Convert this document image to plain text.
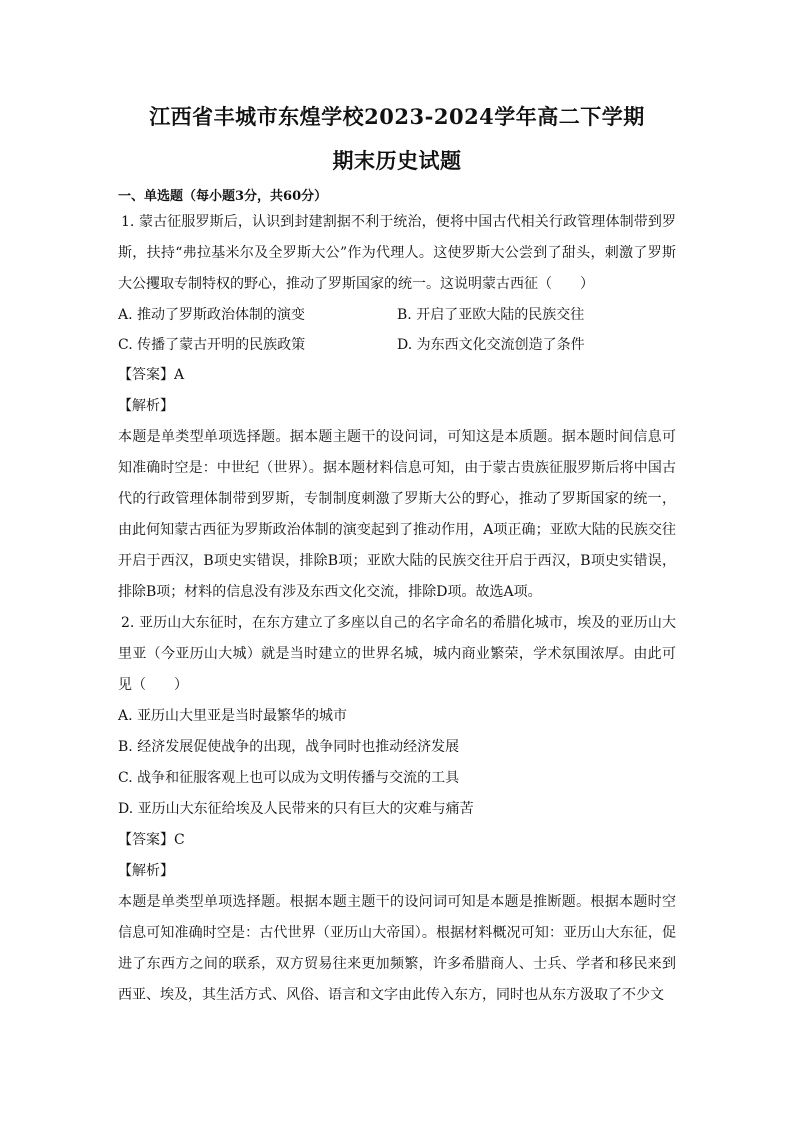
江西省丰城市东煌学校2023-2024学年高二下学期
期末历史试题
一、单选题（每小题3分，共60分）

1. 蒙古征服罗斯后，认识到封建割据不利于统治，便将中国古代相关行政管理体制带到罗斯，扶持“弗拉基米尔及全罗斯大公”作为代理人。这使罗斯大公尝到了甜头，刺激了罗斯大公攫取专制特权的野心，推动了罗斯国家的统一。这说明蒙古西征（　　）

A. 推动了罗斯政治体制的演变	B. 开启了亚欧大陆的民族交往
C. 传播了蒙古开明的民族政策	D. 为东西文化交流创造了条件
【答案】A
【解析】

本题是单类型单项选择题。据本题主题干的设问词，可知这是本质题。据本题时间信息可知准确时空是：中世纪（世界）。据本题材料信息可知，由于蒙古贵族征服罗斯后将中国古代的行政管理体制带到罗斯，专制制度刺激了罗斯大公的野心，推动了罗斯国家的统一，由此何知蒙古西征为罗斯政治体制的演变起到了推动作用，A项正确；亚欧大陆的民族交往开启于西汉，B项史实错误，排除B项；亚欧大陆的民族交往开启于西汉，B项史实错误，排除B项；材料的信息没有涉及东西文化交流，排除D项。故选A项。

2. 亚历山大东征时，在东方建立了多座以自己的名字命名的希腊化城市，埃及的亚历山大里亚（今亚历山大城）就是当时建立的世界名城，城内商业繁荣，学术氛围浓厚。由此可见（　　）

A. 亚历山大里亚是当时最繁华的城市
B. 经济发展促使战争的出现，战争同时也推动经济发展
C. 战争和征服客观上也可以成为文明传播与交流的工具
D. 亚历山大东征给埃及人民带来的只有巨大的灾难与痛苦
【答案】C
【解析】

本题是单类型单项选择题。根据本题主题干的设问词可知是本题是推断题。根据本题时空信息可知准确时空是：古代世界（亚历山大帝国）。根据材料概况可知：亚历山大东征，促进了东西方之间的联系，双方贸易往来更加频繁，许多希腊商人、士兵、学者和移民来到西亚、埃及，其生活方式、风俗、语言和文字由此传入东方，同时也从东方汲取了不少文
